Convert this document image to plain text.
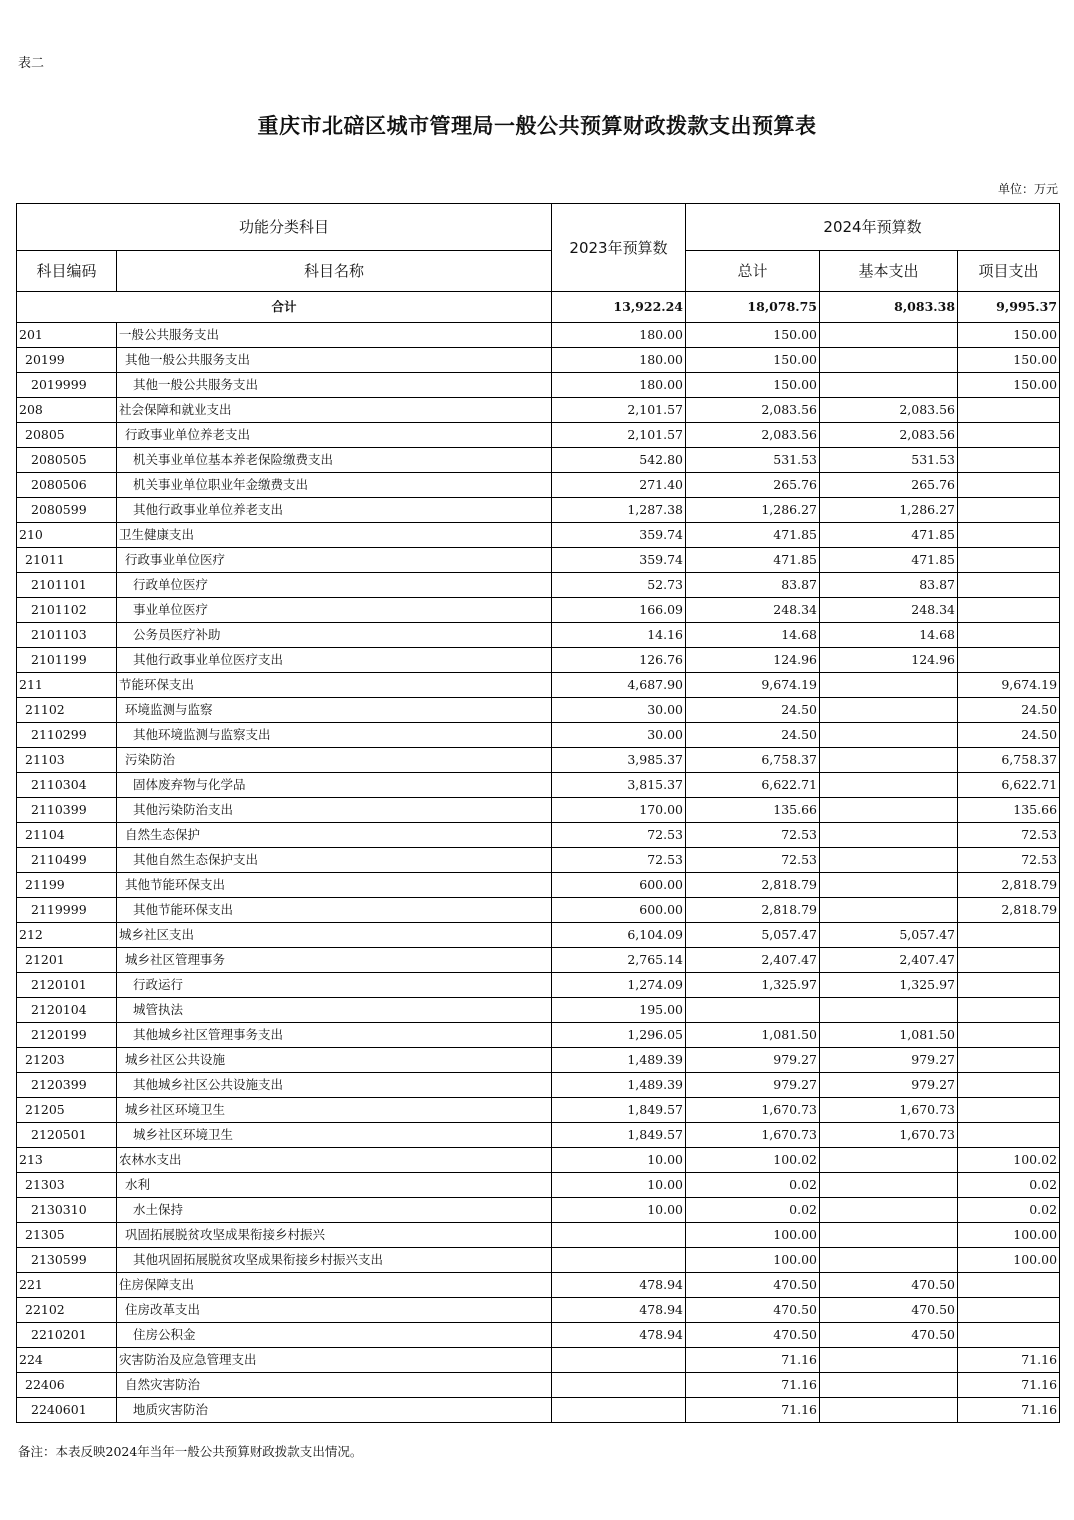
表二
重庆市北碚区城市管理局一般公共预算财政拨款支出预算表
单位：万元
功能分类科目		2023年预算数	2024年预算数		
科目编码	科目名称		总计	基本支出	项目支出
合计		13,922.24	18,078.75	8,083.38	9,995.37
201	一般公共服务支出	180.00	150.00		150.00
20199	其他一般公共服务支出	180.00	150.00		150.00
2019999	其他一般公共服务支出	180.00	150.00		150.00
208	社会保障和就业支出	2,101.57	2,083.56	2,083.56	
20805	行政事业单位养老支出	2,101.57	2,083.56	2,083.56	
2080505	机关事业单位基本养老保险缴费支出	542.80	531.53	531.53	
2080506	机关事业单位职业年金缴费支出	271.40	265.76	265.76	
2080599	其他行政事业单位养老支出	1,287.38	1,286.27	1,286.27	
210	卫生健康支出	359.74	471.85	471.85	
21011	行政事业单位医疗	359.74	471.85	471.85	
2101101	行政单位医疗	52.73	83.87	83.87	
2101102	事业单位医疗	166.09	248.34	248.34	
2101103	公务员医疗补助	14.16	14.68	14.68	
2101199	其他行政事业单位医疗支出	126.76	124.96	124.96	
211	节能环保支出	4,687.90	9,674.19		9,674.19
21102	环境监测与监察	30.00	24.50		24.50
2110299	其他环境监测与监察支出	30.00	24.50		24.50
21103	污染防治	3,985.37	6,758.37		6,758.37
2110304	固体废弃物与化学品	3,815.37	6,622.71		6,622.71
2110399	其他污染防治支出	170.00	135.66		135.66
21104	自然生态保护	72.53	72.53		72.53
2110499	其他自然生态保护支出	72.53	72.53		72.53
21199	其他节能环保支出	600.00	2,818.79		2,818.79
2119999	其他节能环保支出	600.00	2,818.79		2,818.79
212	城乡社区支出	6,104.09	5,057.47	5,057.47	
21201	城乡社区管理事务	2,765.14	2,407.47	2,407.47	
2120101	行政运行	1,274.09	1,325.97	1,325.97	
2120104	城管执法	195.00			
2120199	其他城乡社区管理事务支出	1,296.05	1,081.50	1,081.50	
21203	城乡社区公共设施	1,489.39	979.27	979.27	
2120399	其他城乡社区公共设施支出	1,489.39	979.27	979.27	
21205	城乡社区环境卫生	1,849.57	1,670.73	1,670.73	
2120501	城乡社区环境卫生	1,849.57	1,670.73	1,670.73	
213	农林水支出	10.00	100.02		100.02
21303	水利	10.00	0.02		0.02
2130310	水土保持	10.00	0.02		0.02
21305	巩固拓展脱贫攻坚成果衔接乡村振兴		100.00		100.00
2130599	其他巩固拓展脱贫攻坚成果衔接乡村振兴支出		100.00		100.00
221	住房保障支出	478.94	470.50	470.50	
22102	住房改革支出	478.94	470.50	470.50	
2210201	住房公积金	478.94	470.50	470.50	
224	灾害防治及应急管理支出		71.16		71.16
22406	自然灾害防治		71.16		71.16
2240601	地质灾害防治		71.16		71.16
备注：本表反映2024年当年一般公共预算财政拨款支出情况。
